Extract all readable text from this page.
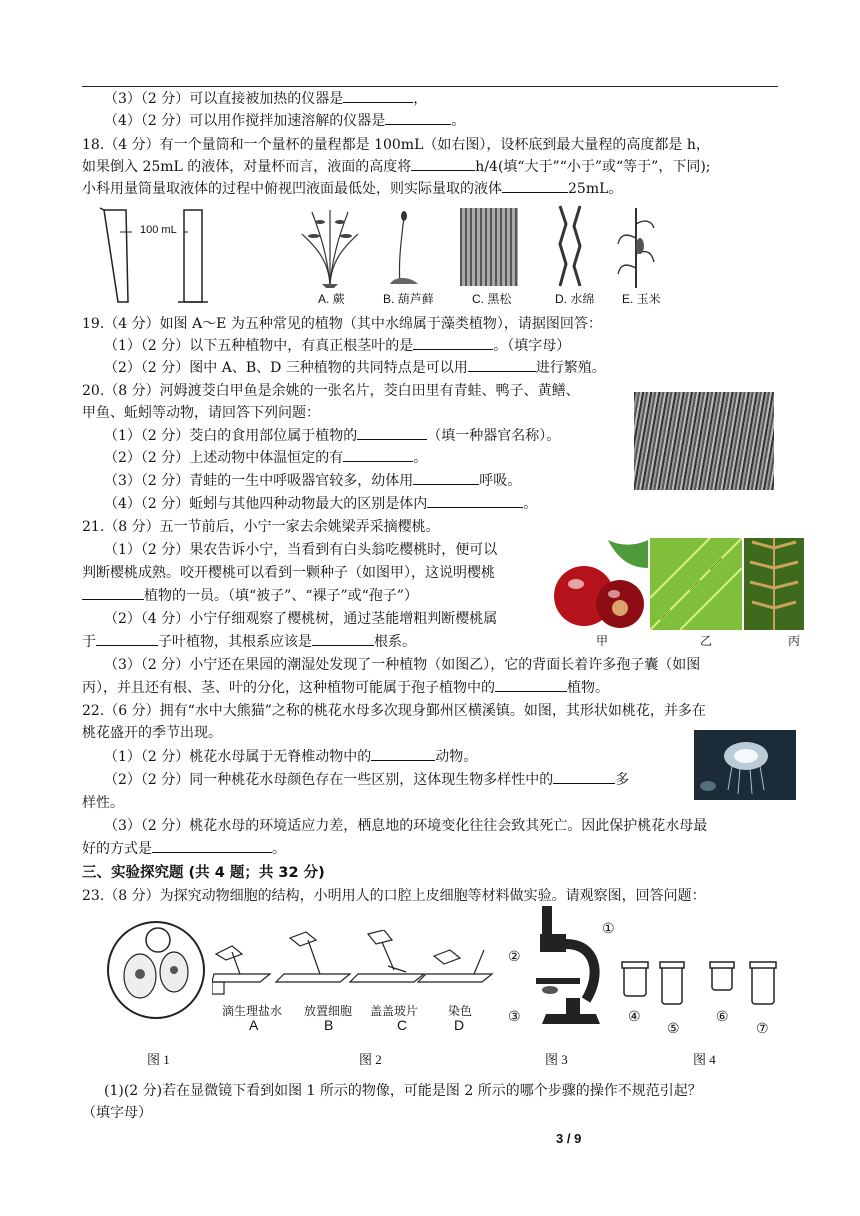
（3）（2 分）可以直接被加热的仪器是	，
（4）（2 分）可以用作搅拌加速溶解的仪器是	。
18.（4 分）有一个量筒和一个量杯的量程都是 100mL（如右图），设杯底到最大量程的高度都是 h，
如果倒入 25mL 的液体，对量杯而言，液面的高度将	h/4(填“大于”“小于”或“等于”，下同);
小科用量筒量取液体的过程中俯视凹液面最低处，则实际量取的液体	25mL。
100 mL
A. 蕨	B. 葫芦藓	C. 黑松	D. 水绵 E. 玉米
19.（4 分）如图 A～E 为五种常见的植物（其中水绵属于藻类植物），请据图回答：
（1）（2 分）以下五种植物中，有真正根茎叶的是	。（填字母）
（2）（2 分）图中 A、B、D 三种植物的共同特点是可以用	进行繁殖。
20.（8 分）河姆渡茭白甲鱼是余姚的一张名片，茭白田里有青蛙、鸭子、黄鳝、
甲鱼、蚯蚓等动物，请回答下列问题：
（1）（2 分）茭白的食用部位属于植物的	（填一种器官名称）。
（2）（2 分）上述动物中体温恒定的有	。
（3）（2 分）青蛙的一生中呼吸器官较多，幼体用	呼吸。
（4）（2 分）蚯蚓与其他四种动物最大的区别是体内	。
21.（8 分）五一节前后，小宁一家去余姚梁弄采摘樱桃。
（1）（2 分）果农告诉小宁，当看到有白头翁吃樱桃时，便可以
判断樱桃成熟。咬开樱桃可以看到一颗种子（如图甲），这说明樱桃
植物的一员。（填“被子”、“裸子”或“孢子”）
（2）（4 分）小宁仔细观察了樱桃树，通过茎能增粗判断樱桃属
于	子叶植物，其根系应该是	根系。
（3）（2 分）小宁还在果园的潮湿处发现了一种植物（如图乙），它的背面长着许多孢子囊（如图
丙），并且还有根、茎、叶的分化，这种植物可能属于孢子植物中的	植物。
甲	乙	丙
22.（6 分）拥有“水中大熊猫”之称的桃花水母多次现身鄞州区横溪镇。如图，其形状如桃花，并多在
桃花盛开的季节出现。
（1）（2 分）桃花水母属于无脊椎动物中的	动物。
（2）（2 分）同一种桃花水母颜色存在一些区别，这体现生物多样性中的	多
样性。
（3）（2 分）桃花水母的环境适应力差，栖息地的环境变化往往会致其死亡。因此保护桃花水母最
好的方式是	。
三、实验探究题 (共 4 题；共 32 分)
23.（8 分）为探究动物细胞的结构，小明用人的口腔上皮细胞等材料做实验。请观察图，回答问题：
滴生理盐水 放置细胞 盖盖玻片 染色
A	B	C	D
①
②
③	④
⑤
⑥
⑦
图 1	图 2	图 3	图 4
(1)(2 分)若在显微镜下看到如图 1 所示的物像，可能是图 2 所示的哪个步骤的操作不规范引起？
（填字母）
3 / 9
